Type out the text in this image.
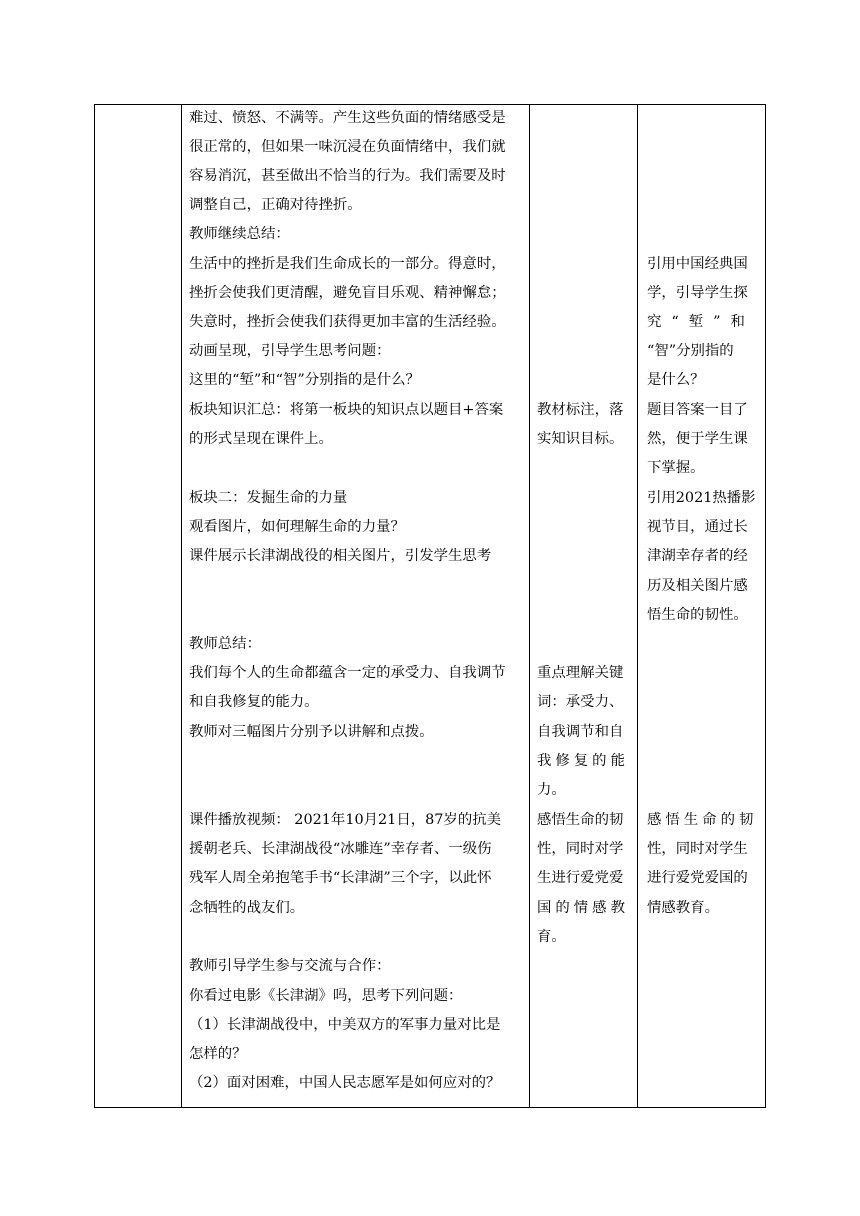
难过、愤怒、不满等。产生这些负面的情绪感受是
很正常的，但如果一味沉浸在负面情绪中，我们就
容易消沉，甚至做出不恰当的行为。我们需要及时
调整自己，正确对待挫折。
教师继续总结：
生活中的挫折是我们生命成长的一部分。得意时，
挫折会使我们更清醒，避免盲目乐观、精神懈怠；
失意时，挫折会使我们获得更加丰富的生活经验。
动画呈现，引导学生思考问题：
这里的“堑”和“智”分别指的是什么？
板块知识汇总：将第一板块的知识点以题目+答案
的形式呈现在课件上。
板块二：发掘生命的力量
观看图片，如何理解生命的力量？
课件展示长津湖战役的相关图片，引发学生思考
教师总结：
我们每个人的生命都蕴含一定的承受力、自我调节
和自我修复的能力。
教师对三幅图片分别予以讲解和点拨。
课件播放视频： 2021年10月21日，87岁的抗美
援朝老兵、长津湖战役“冰雕连”幸存者、一级伤
残军人周全弟抱笔手书“长津湖”三个字，以此怀
念牺牲的战友们。
教师引导学生参与交流与合作：
你看过电影《长津湖》吗，思考下列问题：
（1）长津湖战役中，中美双方的军事力量对比是
怎样的？
（2）面对困难，中国人民志愿军是如何应对的？
教材标注，落
实知识目标。
重点理解关键
词：承受力、
自我调节和自
我修复的能
力。
感悟生命的韧
性，同时对学
生进行爱党爱
国的情感教
育。
引用中国经典国
学，引导学生探
究“堑”和
“智”分别指的
是什么？
题目答案一目了
然，便于学生课
下掌握。
引用2021热播影
视节目，通过长
津湖幸存者的经
历及相关图片感
悟生命的韧性。
感悟生命的韧
性，同时对学生
进行爱党爱国的
情感教育。
